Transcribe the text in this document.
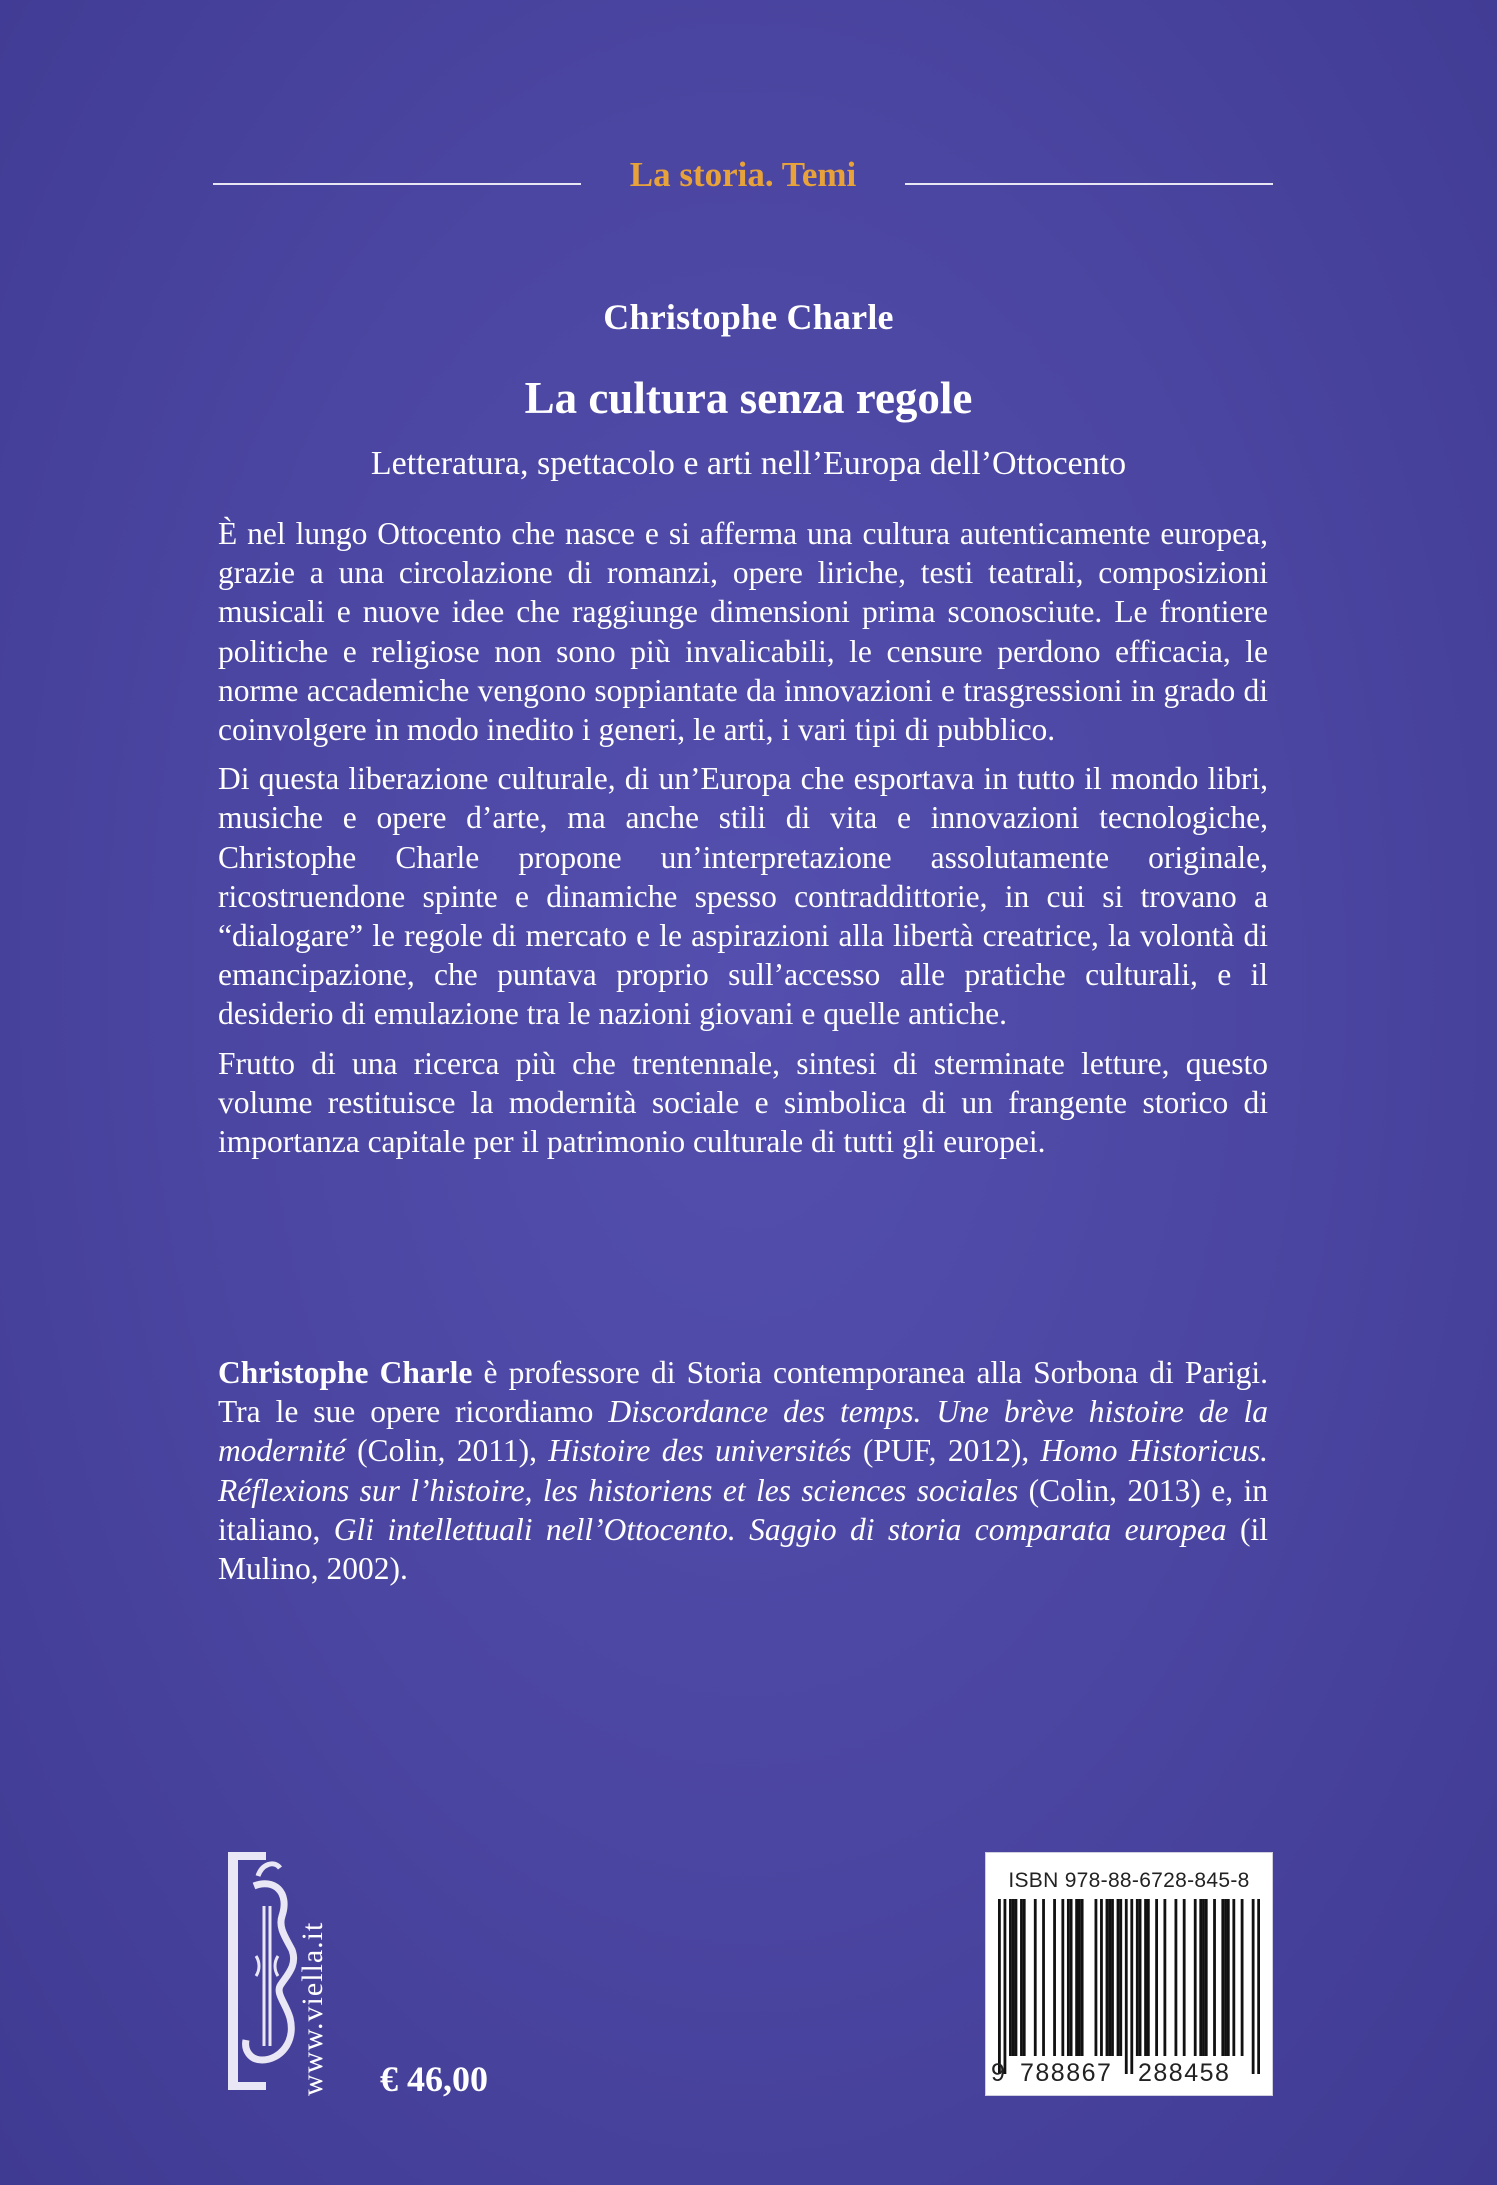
La storia. Temi
Christophe Charle
La cultura senza regole
Letteratura, spettacolo e arti nell’Europa dell’Ottocento

È nel lungo Ottocento che nasce e si afferma una cultura autenticamente europea, grazie a una circolazione di romanzi, opere liriche, testi teatrali, composizioni musicali e nuove idee che raggiunge dimensioni prima sconosciute. Le frontiere politiche e religiose non sono più invalicabili, le censure perdono efficacia, le norme accademiche vengono soppiantate da innovazioni e trasgressioni in grado di coinvolgere in modo inedito i generi, le arti, i vari tipi di pubblico.

Di questa liberazione culturale, di un’Europa che esportava in tutto il mondo libri, musiche e opere d’arte, ma anche stili di vita e innovazioni tecnologiche, Christophe Charle propone un’interpretazione assolutamente originale, ricostruendone spinte e dinamiche spesso contraddittorie, in cui si trovano a “dialogare” le regole di mercato e le aspirazioni alla libertà creatrice, la volontà di emancipazione, che puntava proprio sull’accesso alle pratiche culturali, e il desiderio di emulazione tra le nazioni giovani e quelle antiche.

Frutto di una ricerca più che trentennale, sintesi di sterminate letture, questo volume restituisce la modernità sociale e simbolica di un frangente storico di importanza capitale per il patrimonio culturale di tutti gli europei.

Christophe Charle è professore di Storia contemporanea alla Sorbona di Parigi. Tra le sue opere ricordiamo Discordance des temps. Une brève histoire de la modernité (Colin, 2011), Histoire des universités (PUF, 2012), Homo Historicus. Réflexions sur l’histoire, les historiens et les sciences sociales (Colin, 2013) e, in italiano, Gli intellettuali nell’Ottocento. Saggio di storia comparata europea (il Mulino, 2002).

www.viella.it	€ 46,00
ISBN 978-88-6728-845-8
9 788867 288458
